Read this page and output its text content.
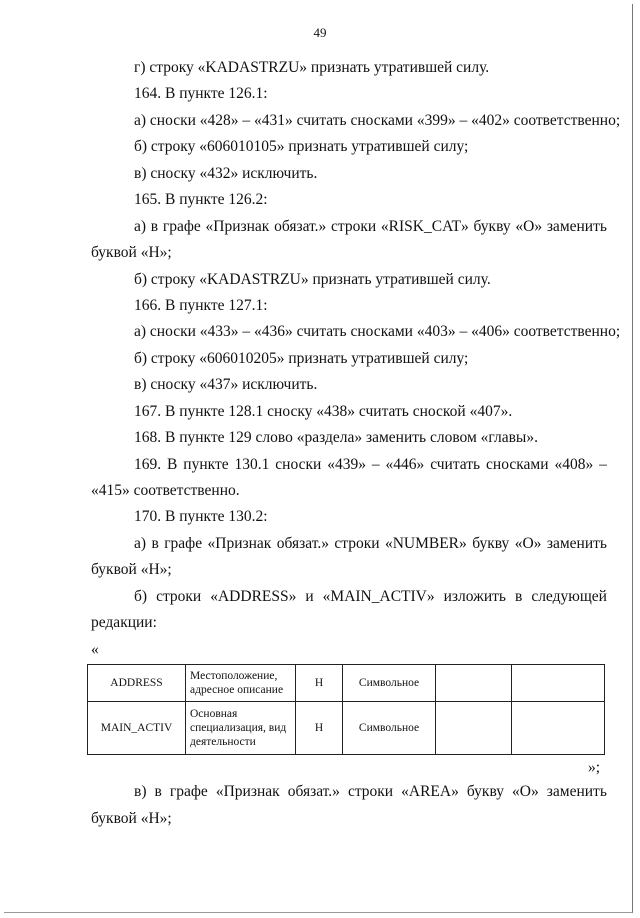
49
г) строку «KADASTRZU» признать утратившей силу.
164. В пункте 126.1:
а) сноски «428» – «431» считать сносками «399» – «402» соответственно;
б) строку «606010105» признать утратившей силу;
в) сноску «432» исключить.
165. В пункте 126.2:
а) в графе «Признак обязат.» строки «RISK_CAT» букву «О» заменить
буквой «Н»;
б) строку «KADASTRZU» признать утратившей силу.
166. В пункте 127.1:
а) сноски «433» – «436» считать сносками «403» – «406» соответственно;
б) строку «606010205» признать утратившей силу;
в) сноску «437» исключить.
167. В пункте 128.1 сноску «438» считать сноской «407».
168. В пункте 129 слово «раздела» заменить словом «главы».
169. В пункте 130.1 сноски «439» – «446» считать сносками «408» –
«415» соответственно.
170. В пункте 130.2:
а) в графе «Признак обязат.» строки «NUMBER» букву «О» заменить
буквой «Н»;
б) строки «ADDRESS» и «MAIN_ACTIV» изложить в следующей
редакции:
«
ADDRESS	Местоположение, адресное описание	Н	Символьное		
MAIN_ACTIV	Основная специализация, вид деятельности	Н	Символьное		
»;
в) в графе «Признак обязат.» строки «AREA» букву «О» заменить
буквой «Н»;
